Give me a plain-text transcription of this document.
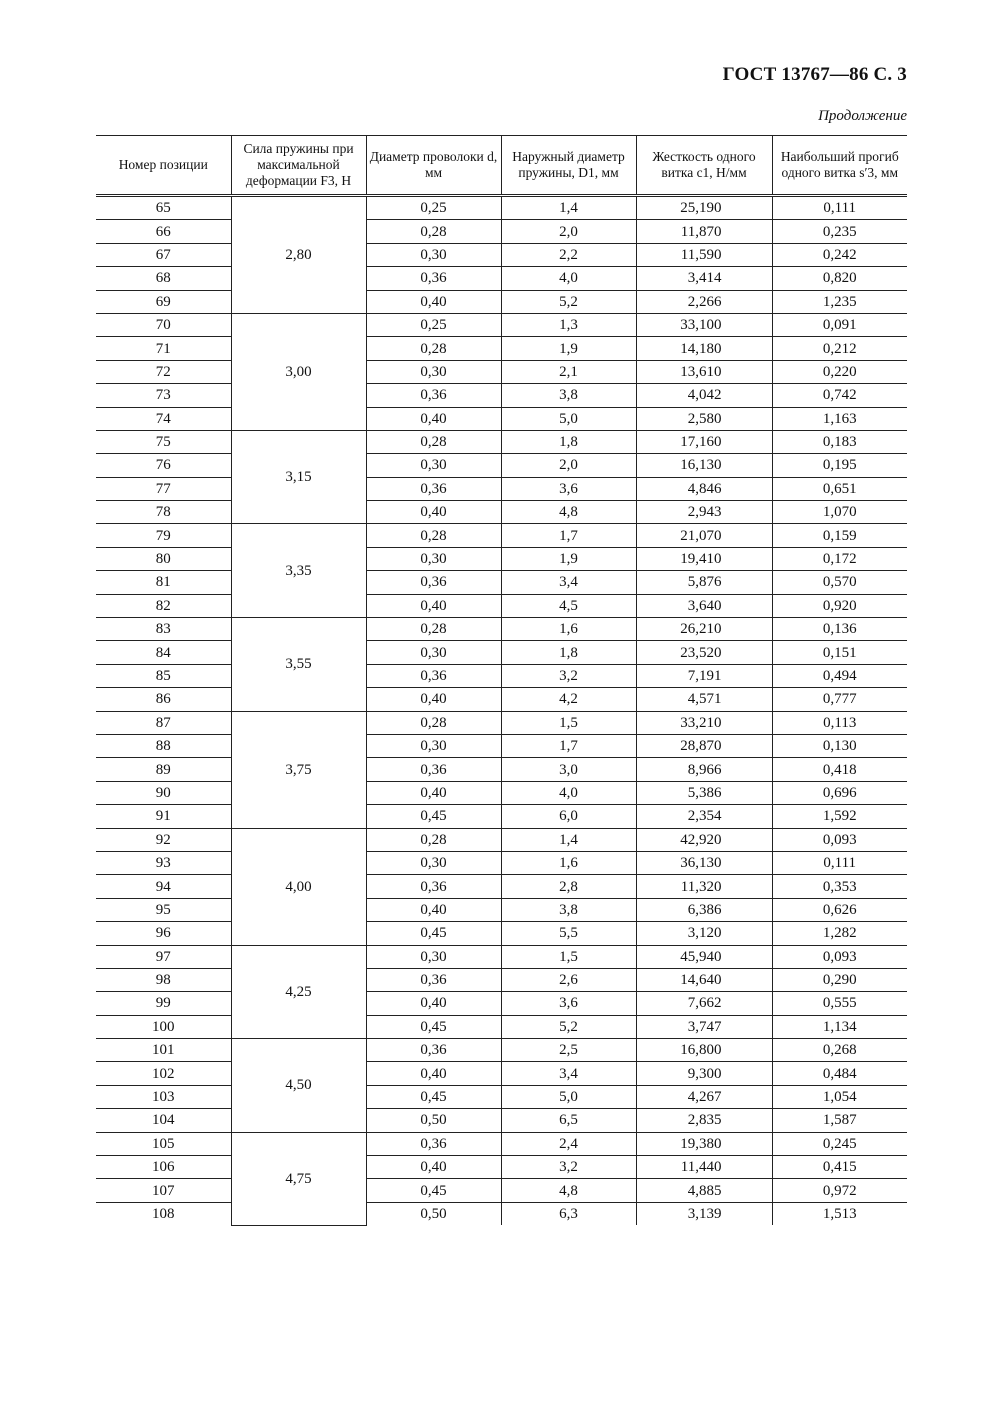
ГОСТ 13767—86 С. 3
Продолжение
Номер позиции	Сила пружины при максимальной деформации F3, Н	Диаметр проволоки d, мм	Наружный диаметр пружины, D1, мм	Жесткость одного витка c1, Н/мм	Наибольший прогиб одного витка s′3, мм
65	2,80	0,25	1,4	25,190	0,111
66		0,28	2,0	11,870	0,235
67		0,30	2,2	11,590	0,242
68		0,36	4,0	3,414	0,820
69		0,40	5,2	2,266	1,235
70	3,00	0,25	1,3	33,100	0,091
71		0,28	1,9	14,180	0,212
72		0,30	2,1	13,610	0,220
73		0,36	3,8	4,042	0,742
74		0,40	5,0	2,580	1,163
75	3,15	0,28	1,8	17,160	0,183
76		0,30	2,0	16,130	0,195
77		0,36	3,6	4,846	0,651
78		0,40	4,8	2,943	1,070
79	3,35	0,28	1,7	21,070	0,159
80		0,30	1,9	19,410	0,172
81		0,36	3,4	5,876	0,570
82		0,40	4,5	3,640	0,920
83	3,55	0,28	1,6	26,210	0,136
84		0,30	1,8	23,520	0,151
85		0,36	3,2	7,191	0,494
86		0,40	4,2	4,571	0,777
87	3,75	0,28	1,5	33,210	0,113
88		0,30	1,7	28,870	0,130
89		0,36	3,0	8,966	0,418
90		0,40	4,0	5,386	0,696
91		0,45	6,0	2,354	1,592
92	4,00	0,28	1,4	42,920	0,093
93		0,30	1,6	36,130	0,111
94		0,36	2,8	11,320	0,353
95		0,40	3,8	6,386	0,626
96		0,45	5,5	3,120	1,282
97	4,25	0,30	1,5	45,940	0,093
98		0,36	2,6	14,640	0,290
99		0,40	3,6	7,662	0,555
100		0,45	5,2	3,747	1,134
101	4,50	0,36	2,5	16,800	0,268
102		0,40	3,4	9,300	0,484
103		0,45	5,0	4,267	1,054
104		0,50	6,5	2,835	1,587
105	4,75	0,36	2,4	19,380	0,245
106		0,40	3,2	11,440	0,415
107		0,45	4,8	4,885	0,972
108		0,50	6,3	3,139	1,513
